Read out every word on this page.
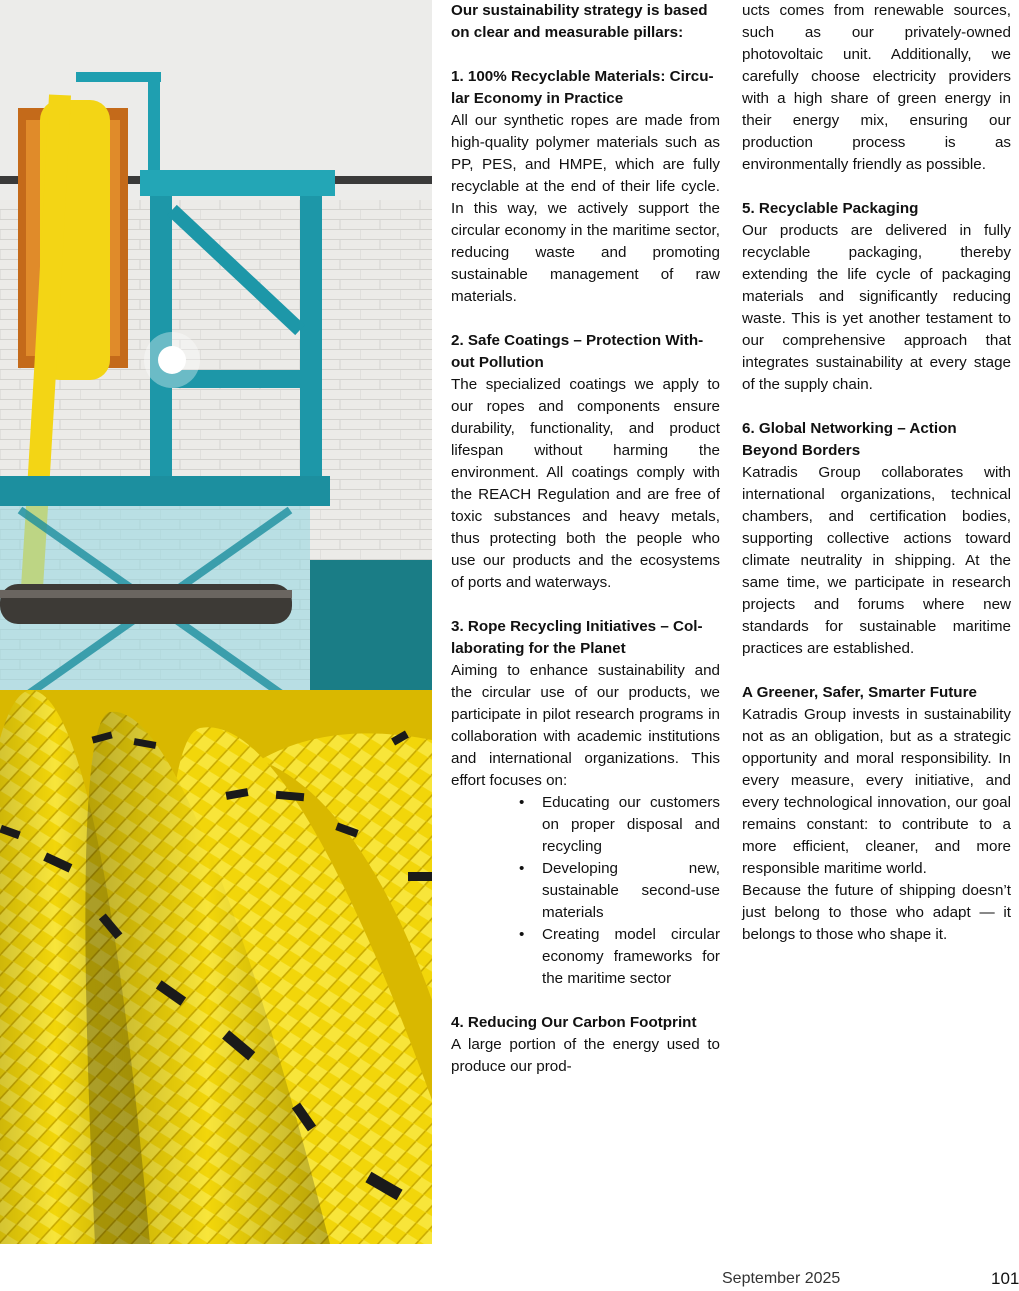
Our sustainability strategy is based

on clear and measurable pillars:

1. 100% Recyclable Materials: Circu-

lar Economy in Practice

All our synthetic ropes are made from high-quality polymer materials such as PP, PES, and HMPE, which are fully recyclable at the end of their life cycle. In this way, we actively support the circular economy in the maritime sector, reducing waste and promoting sustainable management of raw materials.

2. Safe Coatings – Protection With-

out Pollution

The specialized coatings we apply to our ropes and components ensure durability, functionality, and product lifespan without harming the environment. All coatings comply with the REACH Regulation and are free of toxic substances and heavy metals, thus protecting both the people who use our products and the ecosystems of ports and waterways.

3. Rope Recycling Initiatives – Col-

laborating for the Planet

Aiming to enhance sustainability and the circular use of our products, we participate in pilot research programs in collaboration with academic institutions and international organizations. This effort focuses on:

• Educating our customers on proper disposal and recycling
• Developing new, sustainable second-use materials
• Creating model circular economy frameworks for the maritime sector

4. Reducing Our Carbon Footprint

A large portion of the energy used to produce our prod-

ucts comes from renewable sources, such as our privately-owned photovoltaic unit. Additionally, we carefully choose electricity providers with a high share of green energy in their energy mix, ensuring our production process is as environmentally friendly as possible.

5. Recyclable Packaging

Our products are delivered in fully recyclable packaging, thereby extending the life cycle of packaging materials and significantly reducing waste. This is yet another testament to our comprehensive approach that integrates sustainability at every stage of the supply chain.

6. Global Networking – Action

Beyond Borders

Katradis Group collaborates with international organizations, technical chambers, and certification bodies, supporting collective actions toward climate neutrality in shipping. At the same time, we participate in research projects and forums where new standards for sustainable maritime practices are established.

A Greener, Safer, Smarter Future

Katradis Group invests in sustainability not as an obligation, but as a strategic opportunity and moral responsibility. In every measure, every initiative, and every technological innovation, our goal remains constant: to contribute to a more efficient, cleaner, and more responsible maritime world.

Because the future of shipping doesn’t just belong to those who adapt — it belongs to those who shape it.

September 2025	101
